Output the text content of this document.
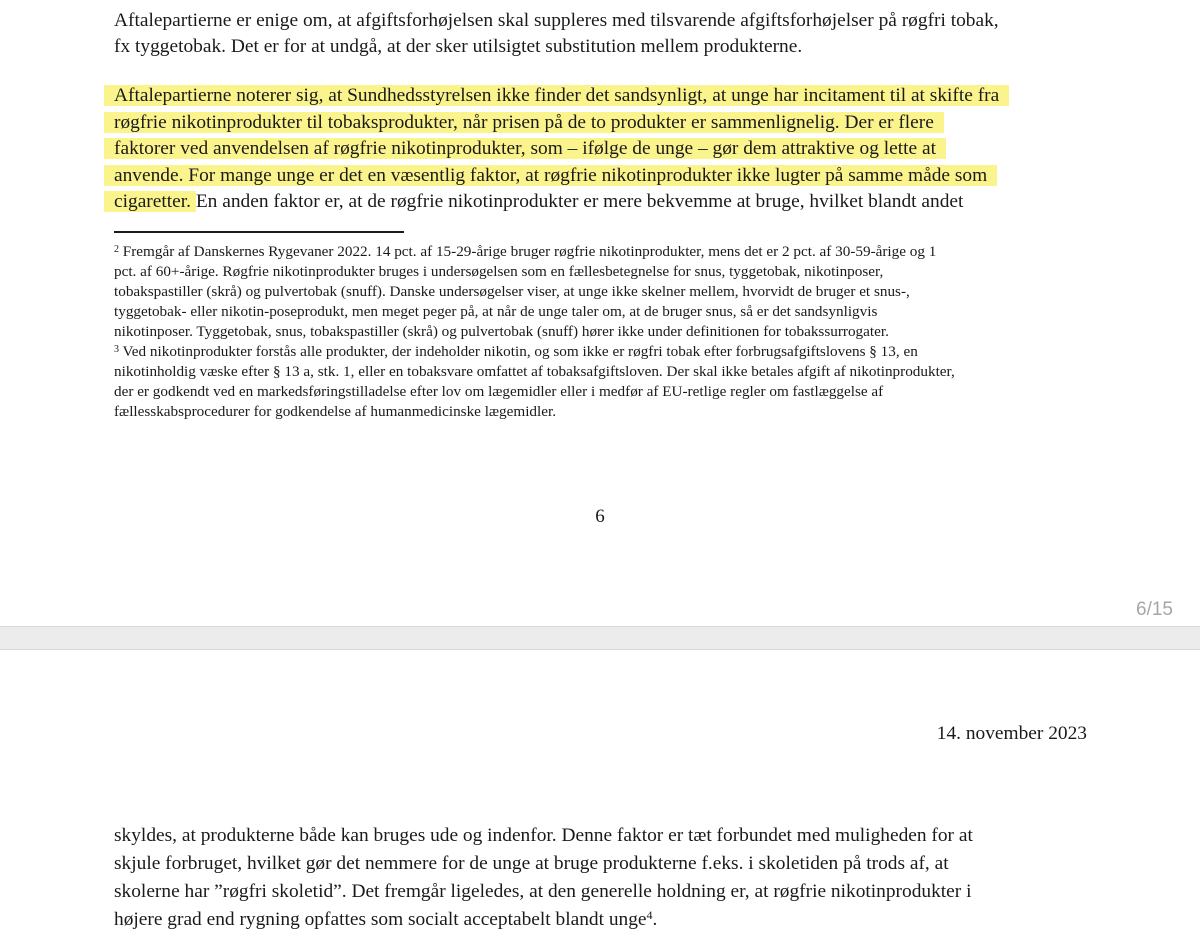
Aftalepartierne er enige om, at afgiftsforhøjelsen skal suppleres med tilsvarende afgiftsforhøjelser på røgfri tobak,
fx tyggetobak. Det er for at undgå, at der sker utilsigtet substitution mellem produkterne.

Aftalepartierne noterer sig, at Sundhedsstyrelsen ikke finder det sandsynligt, at unge har incitament til at skifte fra
røgfrie nikotinprodukter til tobaksprodukter, når prisen på de to produkter er sammenlignelig. Der er flere
faktorer ved anvendelsen af røgfrie nikotinprodukter, som – ifølge de unge – gør dem attraktive og lette at
anvende. For mange unge er det en væsentlig faktor, at røgfrie nikotinprodukter ikke lugter på samme måde som
cigaretter. En anden faktor er, at de røgfrie nikotinprodukter er mere bekvemme at bruge, hvilket blandt andet

$^2$ Fremgår af Danskernes Rygevaner 2022. 14 pct. af 15-29-årige bruger røgfrie nikotinprodukter, mens det er 2 pct. af 30-59-årige og 1
pct. af 60+-årige. Røgfrie nikotinprodukter bruges i undersøgelsen som en fællesbetegnelse for snus, tyggetobak, nikotinposer,
tobakspastiller (skrå) og pulvertobak (snuff). Danske undersøgelser viser, at unge ikke skelner mellem, hvorvidt de bruger et snus-,
tyggetobak- eller nikotin-poseprodukt, men meget peger på, at når de unge taler om, at de bruger snus, så er det sandsynligvis
nikotinposer. Tyggetobak, snus, tobakspastiller (skrå) og pulvertobak (snuff) hører ikke under definitionen for tobakssurrogater.
$^3$ Ved nikotinprodukter forstås alle produkter, der indeholder nikotin, og som ikke er røgfri tobak efter forbrugsafgiftslovens § 13, en
nikotinholdig væske efter § 13 a, stk. 1, eller en tobaksvare omfattet af tobaksafgiftsloven. Der skal ikke betales afgift af nikotinprodukter,
der er godkendt ved en markedsføringstilladelse efter lov om lægemidler eller i medfør af EU-retlige regler om fastlæggelse af
fællesskabsprocedurer for godkendelse af humanmedicinske lægemidler.
6
6/15
14. november 2023

skyldes, at produkterne både kan bruges ude og indenfor. Denne faktor er tæt forbundet med muligheden for at
skjule forbruget, hvilket gør det nemmere for de unge at bruge produkterne f.eks. i skoletiden på trods af, at
skolerne har ”røgfri skoletid”. Det fremgår ligeledes, at den generelle holdning er, at røgfrie nikotinprodukter i
højere grad end rygning opfattes som socialt acceptabelt blandt unge$^4$.
